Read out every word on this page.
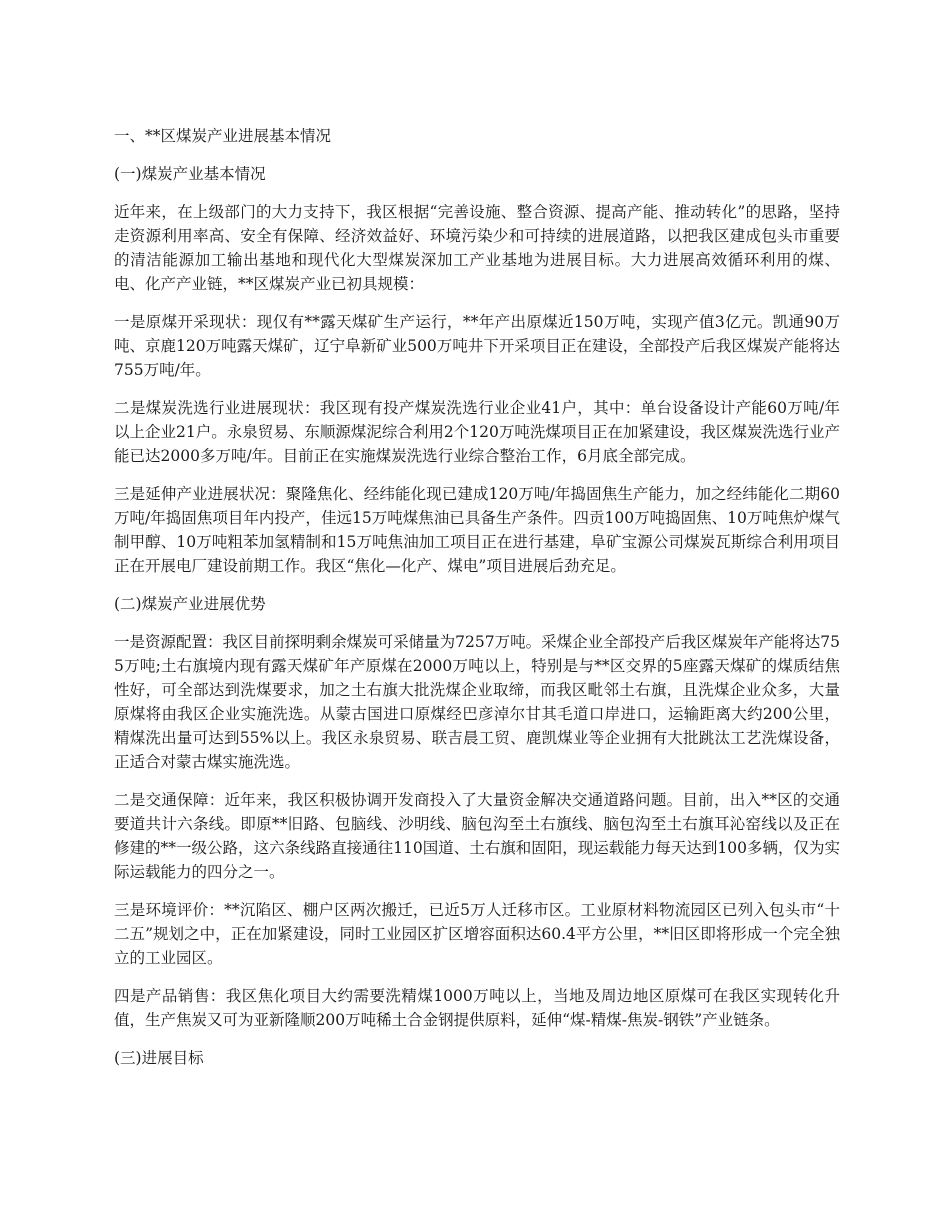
一、**区煤炭产业进展基本情况

(一)煤炭产业基本情况

近年来，在上级部门的大力支持下，我区根据“完善设施、整合资源、提高产能、推动转化”的思路，坚持走资源利用率高、安全有保障、经济效益好、环境污染少和可持续的进展道路，以把我区建成包头市重要的清洁能源加工输出基地和现代化大型煤炭深加工产业基地为进展目标。大力进展高效循环利用的煤、电、化产产业链，**区煤炭产业已初具规模：

一是原煤开采现状：现仅有**露天煤矿生产运行，**年产出原煤近150万吨，实现产值3亿元。凯通90万吨、京鹿120万吨露天煤矿，辽宁阜新矿业500万吨井下开采项目正在建设，全部投产后我区煤炭产能将达755万吨/年。

二是煤炭洗选行业进展现状：我区现有投产煤炭洗选行业企业41户，其中：单台设备设计产能60万吨/年以上企业21户。永泉贸易、东顺源煤泥综合利用2个120万吨洗煤项目正在加紧建设，我区煤炭洗选行业产能已达2000多万吨/年。目前正在实施煤炭洗选行业综合整治工作，6月底全部完成。

三是延伸产业进展状况：聚隆焦化、经纬能化现已建成120万吨/年捣固焦生产能力，加之经纬能化二期60万吨/年捣固焦项目年内投产，佳远15万吨煤焦油已具备生产条件。四贡100万吨捣固焦、10万吨焦炉煤气制甲醇、10万吨粗苯加氢精制和15万吨焦油加工项目正在进行基建，阜矿宝源公司煤炭瓦斯综合利用项目正在开展电厂建设前期工作。我区“焦化—化产、煤电”项目进展后劲充足。

(二)煤炭产业进展优势

一是资源配置：我区目前探明剩余煤炭可采储量为7257万吨。采煤企业全部投产后我区煤炭年产能将达755万吨;土右旗境内现有露天煤矿年产原煤在2000万吨以上，特别是与**区交界的5座露天煤矿的煤质结焦性好，可全部达到洗煤要求，加之土右旗大批洗煤企业取缔，而我区毗邻土右旗，且洗煤企业众多，大量原煤将由我区企业实施洗选。从蒙古国进口原煤经巴彦淖尔甘其毛道口岸进口，运输距离大约200公里，精煤洗出量可达到55%以上。我区永泉贸易、联吉晨工贸、鹿凯煤业等企业拥有大批跳汰工艺洗煤设备，正适合对蒙古煤实施洗选。

二是交通保障：近年来，我区积极协调开发商投入了大量资金解决交通道路问题。目前，出入**区的交通要道共计六条线。即原**旧路、包脑线、沙明线、脑包沟至土右旗线、脑包沟至土右旗耳沁窑线以及正在修建的**一级公路，这六条线路直接通往110国道、土右旗和固阳，现运载能力每天达到100多辆，仅为实际运载能力的四分之一。

三是环境评价：**沉陷区、棚户区两次搬迁，已近5万人迁移市区。工业原材料物流园区已列入包头市“十二五”规划之中，正在加紧建设，同时工业园区扩区增容面积达60.4平方公里，**旧区即将形成一个完全独立的工业园区。

四是产品销售：我区焦化项目大约需要洗精煤1000万吨以上，当地及周边地区原煤可在我区实现转化升值，生产焦炭又可为亚新隆顺200万吨稀土合金钢提供原料，延伸“煤-精煤-焦炭-钢铁”产业链条。

(三)进展目标
